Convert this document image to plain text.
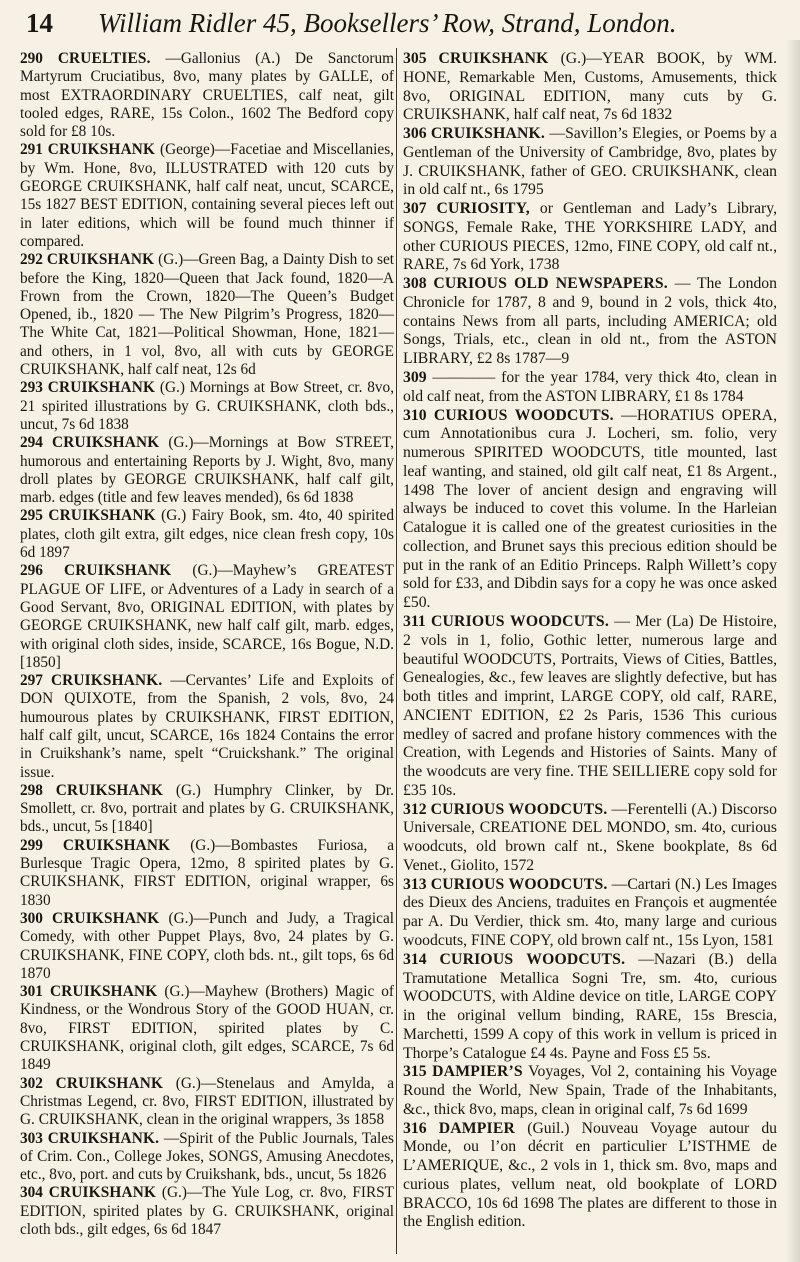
14	William Ridler 45, Booksellers’ Row, Strand, London.

290 CRUELTIES. —Gallonius (A.) De Sanctorum Martyrum Cruciatibus, 8vo, many plates by GALLE, of most EXTRAORDINARY CRUELTIES, calf neat, gilt tooled edges, RARE, 15s Colon., 1602 The Bedford copy sold for £8 10s.

291 CRUIKSHANK (George)—Facetiae and Miscellanies, by Wm. Hone, 8vo, ILLUSTRATED with 120 cuts by GEORGE CRUIKSHANK, half calf neat, uncut, SCARCE, 15s 1827 BEST EDITION, containing several pieces left out in later editions, which will be found much thinner if compared.

292 CRUIKSHANK (G.)—Green Bag, a Dainty Dish to set before the King, 1820—Queen that Jack found, 1820—A Frown from the Crown, 1820—The Queen’s Budget Opened, ib., 1820 — The New Pilgrim’s Progress, 1820—The White Cat, 1821—Political Showman, Hone, 1821— and others, in 1 vol, 8vo, all with cuts by GEORGE CRUIKSHANK, half calf neat, 12s 6d

293 CRUIKSHANK (G.) Mornings at Bow Street, cr. 8vo, 21 spirited illustrations by G. CRUIKSHANK, cloth bds., uncut, 7s 6d 1838

294 CRUIKSHANK (G.)—Mornings at Bow STREET, humorous and entertaining Reports by J. Wight, 8vo, many droll plates by GEORGE CRUIKSHANK, half calf gilt, marb. edges (title and few leaves mended), 6s 6d 1838

295 CRUIKSHANK (G.) Fairy Book, sm. 4to, 40 spirited plates, cloth gilt extra, gilt edges, nice clean fresh copy, 10s 6d 1897

296 CRUIKSHANK (G.)—Mayhew’s GREATEST PLAGUE OF LIFE, or Adventures of a Lady in search of a Good Servant, 8vo, ORIGINAL EDITION, with plates by GEORGE CRUIKSHANK, new half calf gilt, marb. edges, with original cloth sides, inside, SCARCE, 16s Bogue, N.D. [1850]

297 CRUIKSHANK. —Cervantes’ Life and Exploits of DON QUIXOTE, from the Spanish, 2 vols, 8vo, 24 humourous plates by CRUIKSHANK, FIRST EDITION, half calf gilt, uncut, SCARCE, 16s 1824 Contains the error in Cruikshank’s name, spelt “Cruickshank.” The original issue.

298 CRUIKSHANK (G.) Humphry Clinker, by Dr. Smollett, cr. 8vo, portrait and plates by G. CRUIKSHANK, bds., uncut, 5s [1840]

299 CRUIKSHANK (G.)—Bombastes Furiosa, a Burlesque Tragic Opera, 12mo, 8 spirited plates by G. CRUIKSHANK, FIRST EDITION, original wrapper, 6s 1830

300 CRUIKSHANK (G.)—Punch and Judy, a Tragical Comedy, with other Puppet Plays, 8vo, 24 plates by G. CRUIKSHANK, FINE COPY, cloth bds. nt., gilt tops, 6s 6d 1870

301 CRUIKSHANK (G.)—Mayhew (Brothers) Magic of Kindness, or the Wondrous Story of the GOOD HUAN, cr. 8vo, FIRST EDITION, spirited plates by C. CRUIKSHANK, original cloth, gilt edges, SCARCE, 7s 6d 1849

302 CRUIKSHANK (G.)—Stenelaus and Amylda, a Christmas Legend, cr. 8vo, FIRST EDITION, illustrated by G. CRUIKSHANK, clean in the original wrappers, 3s 1858

303 CRUIKSHANK. —Spirit of the Public Journals, Tales of Crim. Con., College Jokes, SONGS, Amusing Anecdotes, etc., 8vo, port. and cuts by Cruikshank, bds., uncut, 5s 1826

304 CRUIKSHANK (G.)—The Yule Log, cr. 8vo, FIRST EDITION, spirited plates by G. CRUIKSHANK, original cloth bds., gilt edges, 6s 6d 1847

305 CRUIKSHANK (G.)—YEAR BOOK, by WM. HONE, Remarkable Men, Customs, Amusements, thick 8vo, ORIGINAL EDITION, many cuts by G. CRUIKSHANK, half calf neat, 7s 6d 1832

306 CRUIKSHANK. —Savillon’s Elegies, or Poems by a Gentleman of the University of Cambridge, 8vo, plates by J. CRUIKSHANK, father of GEO. CRUIKSHANK, clean in old calf nt., 6s 1795

307 CURIOSITY, or Gentleman and Lady’s Library, SONGS, Female Rake, THE YORKSHIRE LADY, and other CURIOUS PIECES, 12mo, FINE COPY, old calf nt., RARE, 7s 6d York, 1738

308 CURIOUS OLD NEWSPAPERS. — The London Chronicle for 1787, 8 and 9, bound in 2 vols, thick 4to, contains News from all parts, including AMERICA; old Songs, Trials, etc., clean in old nt., from the ASTON LIBRARY, £2 8s 1787—9

309 ———— for the year 1784, very thick 4to, clean in old calf neat, from the ASTON LIBRARY, £1 8s 1784

310 CURIOUS WOODCUTS. —HORATIUS OPERA, cum Annotationibus cura J. Locheri, sm. folio, very numerous SPIRITED WOODCUTS, title mounted, last leaf wanting, and stained, old gilt calf neat, £1 8s Argent., 1498 The lover of ancient design and engraving will always be induced to covet this volume. In the Harleian Catalogue it is called one of the greatest curiosities in the collection, and Brunet says this precious edition should be put in the rank of an Editio Princeps. Ralph Willett’s copy sold for £33, and Dibdin says for a copy he was once asked £50.

311 CURIOUS WOODCUTS. — Mer (La) De Histoire, 2 vols in 1, folio, Gothic letter, numerous large and beautiful WOODCUTS, Portraits, Views of Cities, Battles, Genealogies, &c., few leaves are slightly defective, but has both titles and imprint, LARGE COPY, old calf, RARE, ANCIENT EDITION, £2 2s Paris, 1536 This curious medley of sacred and profane history commences with the Creation, with Legends and Histories of Saints. Many of the woodcuts are very fine. THE SEILLIERE copy sold for £35 10s.

312 CURIOUS WOODCUTS. —Ferentelli (A.) Discorso Universale, CREATIONE DEL MONDO, sm. 4to, curious woodcuts, old brown calf nt., Skene bookplate, 8s 6d Venet., Giolito, 1572

313 CURIOUS WOODCUTS. —Cartari (N.) Les Images des Dieux des Anciens, traduites en François et augmentée par A. Du Verdier, thick sm. 4to, many large and curious woodcuts, FINE COPY, old brown calf nt., 15s Lyon, 1581

314 CURIOUS WOODCUTS. —Nazari (B.) della Tramutatione Metallica Sogni Tre, sm. 4to, curious WOODCUTS, with Aldine device on title, LARGE COPY in the original vellum binding, RARE, 15s Brescia, Marchetti, 1599 A copy of this work in vellum is priced in Thorpe’s Catalogue £4 4s. Payne and Foss £5 5s.

315 DAMPIER’S Voyages, Vol 2, containing his Voyage Round the World, New Spain, Trade of the Inhabitants, &c., thick 8vo, maps, clean in original calf, 7s 6d 1699

316 DAMPIER (Guil.) Nouveau Voyage autour du Monde, ou l’on décrit en particulier L’ISTHME de L’AMERIQUE, &c., 2 vols in 1, thick sm. 8vo, maps and curious plates, vellum neat, old bookplate of LORD BRACCO, 10s 6d 1698 The plates are different to those in the English edition.
